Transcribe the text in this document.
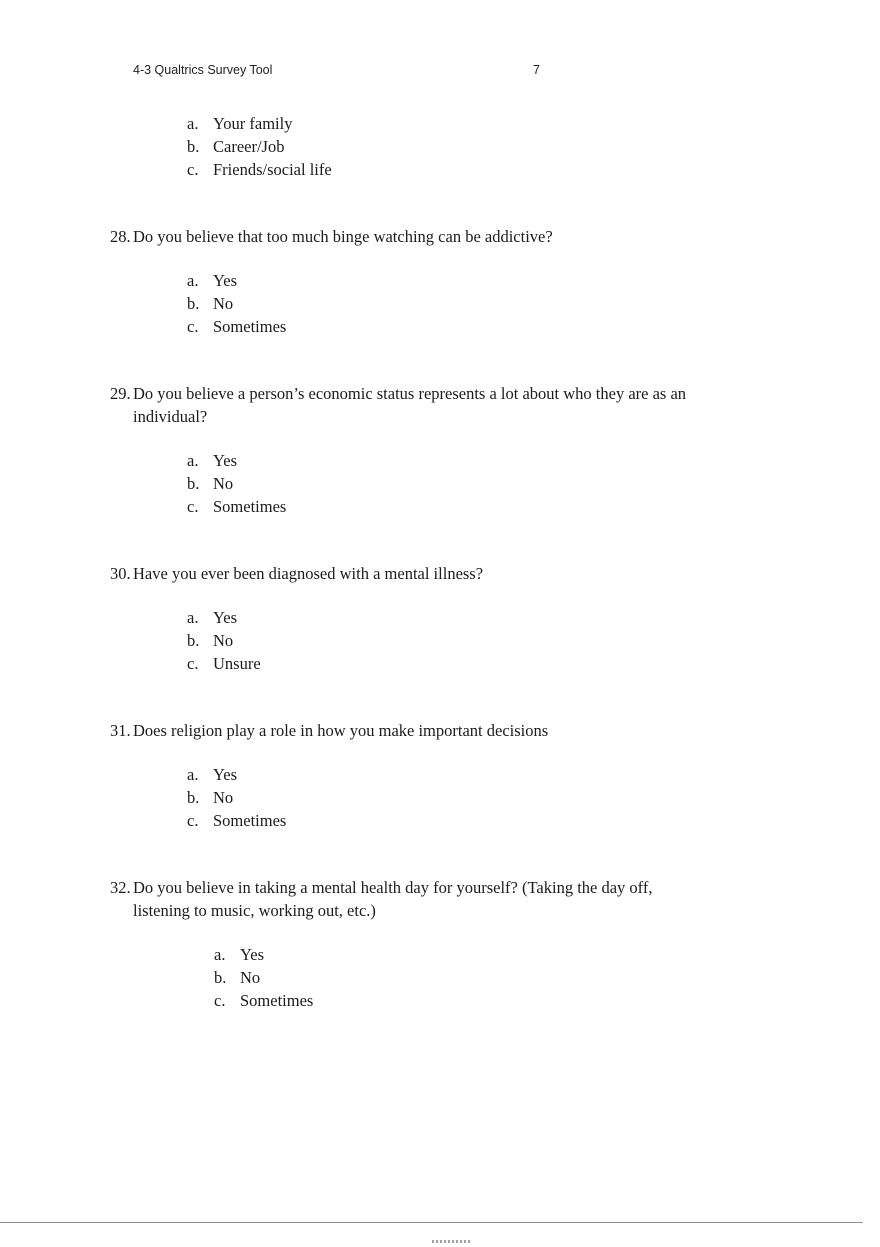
4-3 Qualtrics Survey Tool	7
a. Your family
b. Career/Job
c. Friends/social life
28. Do you believe that too much binge watching can be addictive?
a. Yes
b. No
c. Sometimes
29. Do you believe a person’s economic status represents a lot about who they are as an
individual?
a. Yes
b. No
c. Sometimes
30. Have you ever been diagnosed with a mental illness?
a. Yes
b. No
c. Unsure
31. Does religion play a role in how you make important decisions
a. Yes
b. No
c. Sometimes
32. Do you believe in taking a mental health day for yourself? (Taking the day off,
listening to music, working out, etc.)
a. Yes
b. No
c. Sometimes
